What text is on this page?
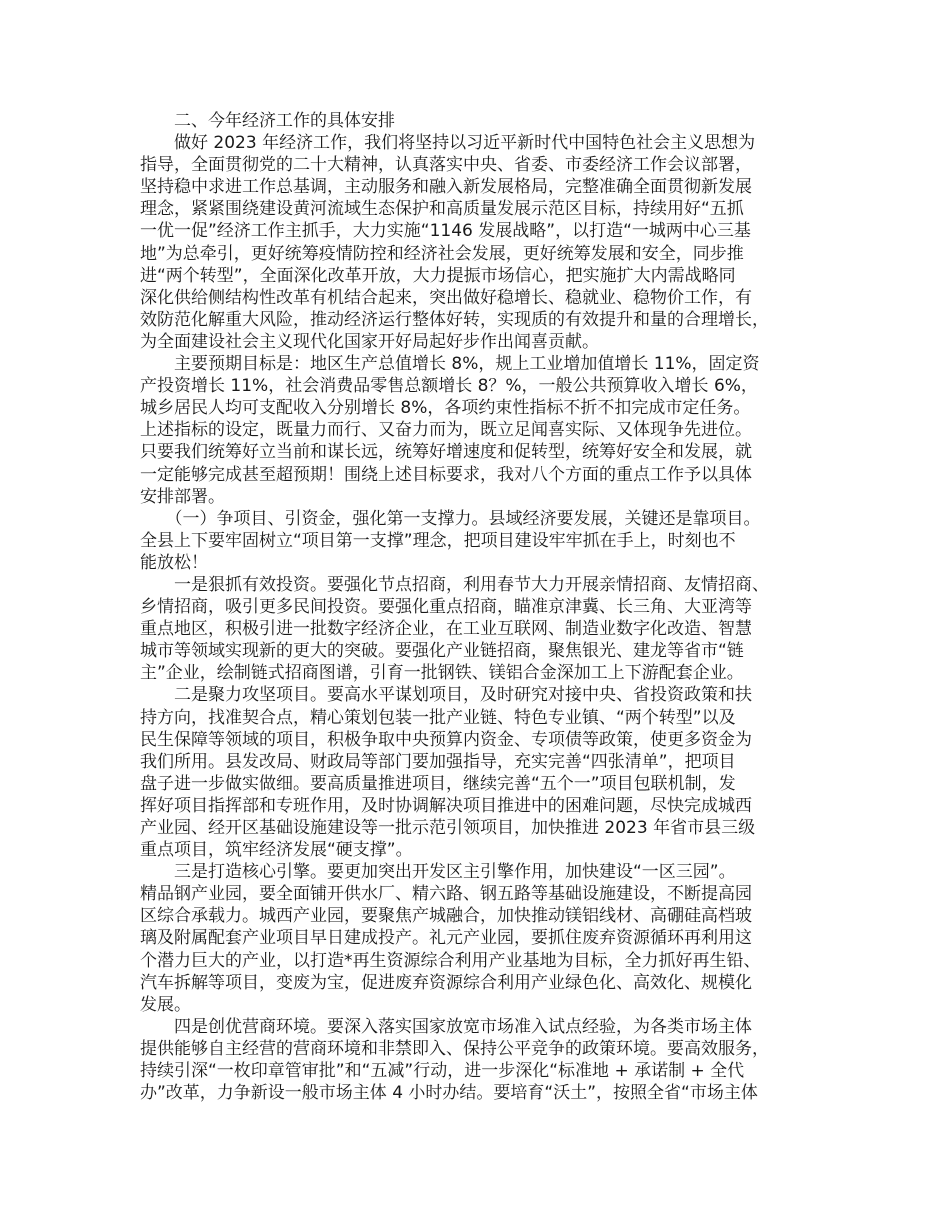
　　二、今年经济工作的具体安排
　　做好 2023 年经济工作，我们将坚持以习近平新时代中国特色社会主义思想为
指导，全面贯彻党的二十大精神，认真落实中央、省委、市委经济工作会议部署，
坚持稳中求进工作总基调，主动服务和融入新发展格局，完整准确全面贯彻新发展
理念，紧紧围绕建设黄河流域生态保护和高质量发展示范区目标，持续用好“五抓
一优一促”经济工作主抓手，大力实施“1146 发展战略”，以打造“一城两中心三基
地”为总牵引，更好统筹疫情防控和经济社会发展，更好统筹发展和安全，同步推
进“两个转型”，全面深化改革开放，大力提振市场信心，把实施扩大内需战略同
深化供给侧结构性改革有机结合起来，突出做好稳增长、稳就业、稳物价工作，有
效防范化解重大风险，推动经济运行整体好转，实现质的有效提升和量的合理增长，
为全面建设社会主义现代化国家开好局起好步作出闻喜贡献。
　　主要预期目标是：地区生产总值增长 8%，规上工业增加值增长 11%，固定资
产投资增长 11%，社会消费品零售总额增长 8？%，一般公共预算收入增长 6%，
城乡居民人均可支配收入分别增长 8%，各项约束性指标不折不扣完成市定任务。
上述指标的设定，既量力而行、又奋力而为，既立足闻喜实际、又体现争先进位。
只要我们统筹好立当前和谋长远，统筹好增速度和促转型，统筹好安全和发展，就
一定能够完成甚至超预期！围绕上述目标要求，我对八个方面的重点工作予以具体
安排部署。
　　（一）争项目、引资金，强化第一支撑力。县域经济要发展，关键还是靠项目。
全县上下要牢固树立“项目第一支撑”理念，把项目建设牢牢抓在手上，时刻也不
能放松！
　　一是狠抓有效投资。要强化节点招商，利用春节大力开展亲情招商、友情招商、
乡情招商，吸引更多民间投资。要强化重点招商，瞄准京津冀、长三角、大亚湾等
重点地区，积极引进一批数字经济企业，在工业互联网、制造业数字化改造、智慧
城市等领域实现新的更大的突破。要强化产业链招商，聚焦银光、建龙等省市“链
主”企业，绘制链式招商图谱，引育一批钢铁、镁铝合金深加工上下游配套企业。
　　二是聚力攻坚项目。要高水平谋划项目，及时研究对接中央、省投资政策和扶
持方向，找准契合点，精心策划包装一批产业链、特色专业镇、“两个转型”以及
民生保障等领域的项目，积极争取中央预算内资金、专项债等政策，使更多资金为
我们所用。县发改局、财政局等部门要加强指导，充实完善“四张清单”，把项目
盘子进一步做实做细。要高质量推进项目，继续完善“五个一”项目包联机制，发
挥好项目指挥部和专班作用，及时协调解决项目推进中的困难问题，尽快完成城西
产业园、经开区基础设施建设等一批示范引领项目，加快推进 2023 年省市县三级
重点项目，筑牢经济发展“硬支撑”。
　　三是打造核心引擎。要更加突出开发区主引擎作用，加快建设“一区三园”。
精品钢产业园，要全面铺开供水厂、精六路、钢五路等基础设施建设，不断提高园
区综合承载力。城西产业园，要聚焦产城融合，加快推动镁铝线材、高硼硅高档玻
璃及附属配套产业项目早日建成投产。礼元产业园，要抓住废弃资源循环再利用这
个潜力巨大的产业，以打造*再生资源综合利用产业基地为目标，全力抓好再生铅、
汽车拆解等项目，变废为宝，促进废弃资源综合利用产业绿色化、高效化、规模化
发展。
　　四是创优营商环境。要深入落实国家放宽市场准入试点经验，为各类市场主体
提供能够自主经营的营商环境和非禁即入、保持公平竞争的政策环境。要高效服务，
持续引深“一枚印章管审批”和“五减”行动，进一步深化“标准地 + 承诺制 + 全代
办”改革，力争新设一般市场主体 4 小时办结。要培育“沃土”，按照全省“市场主体
